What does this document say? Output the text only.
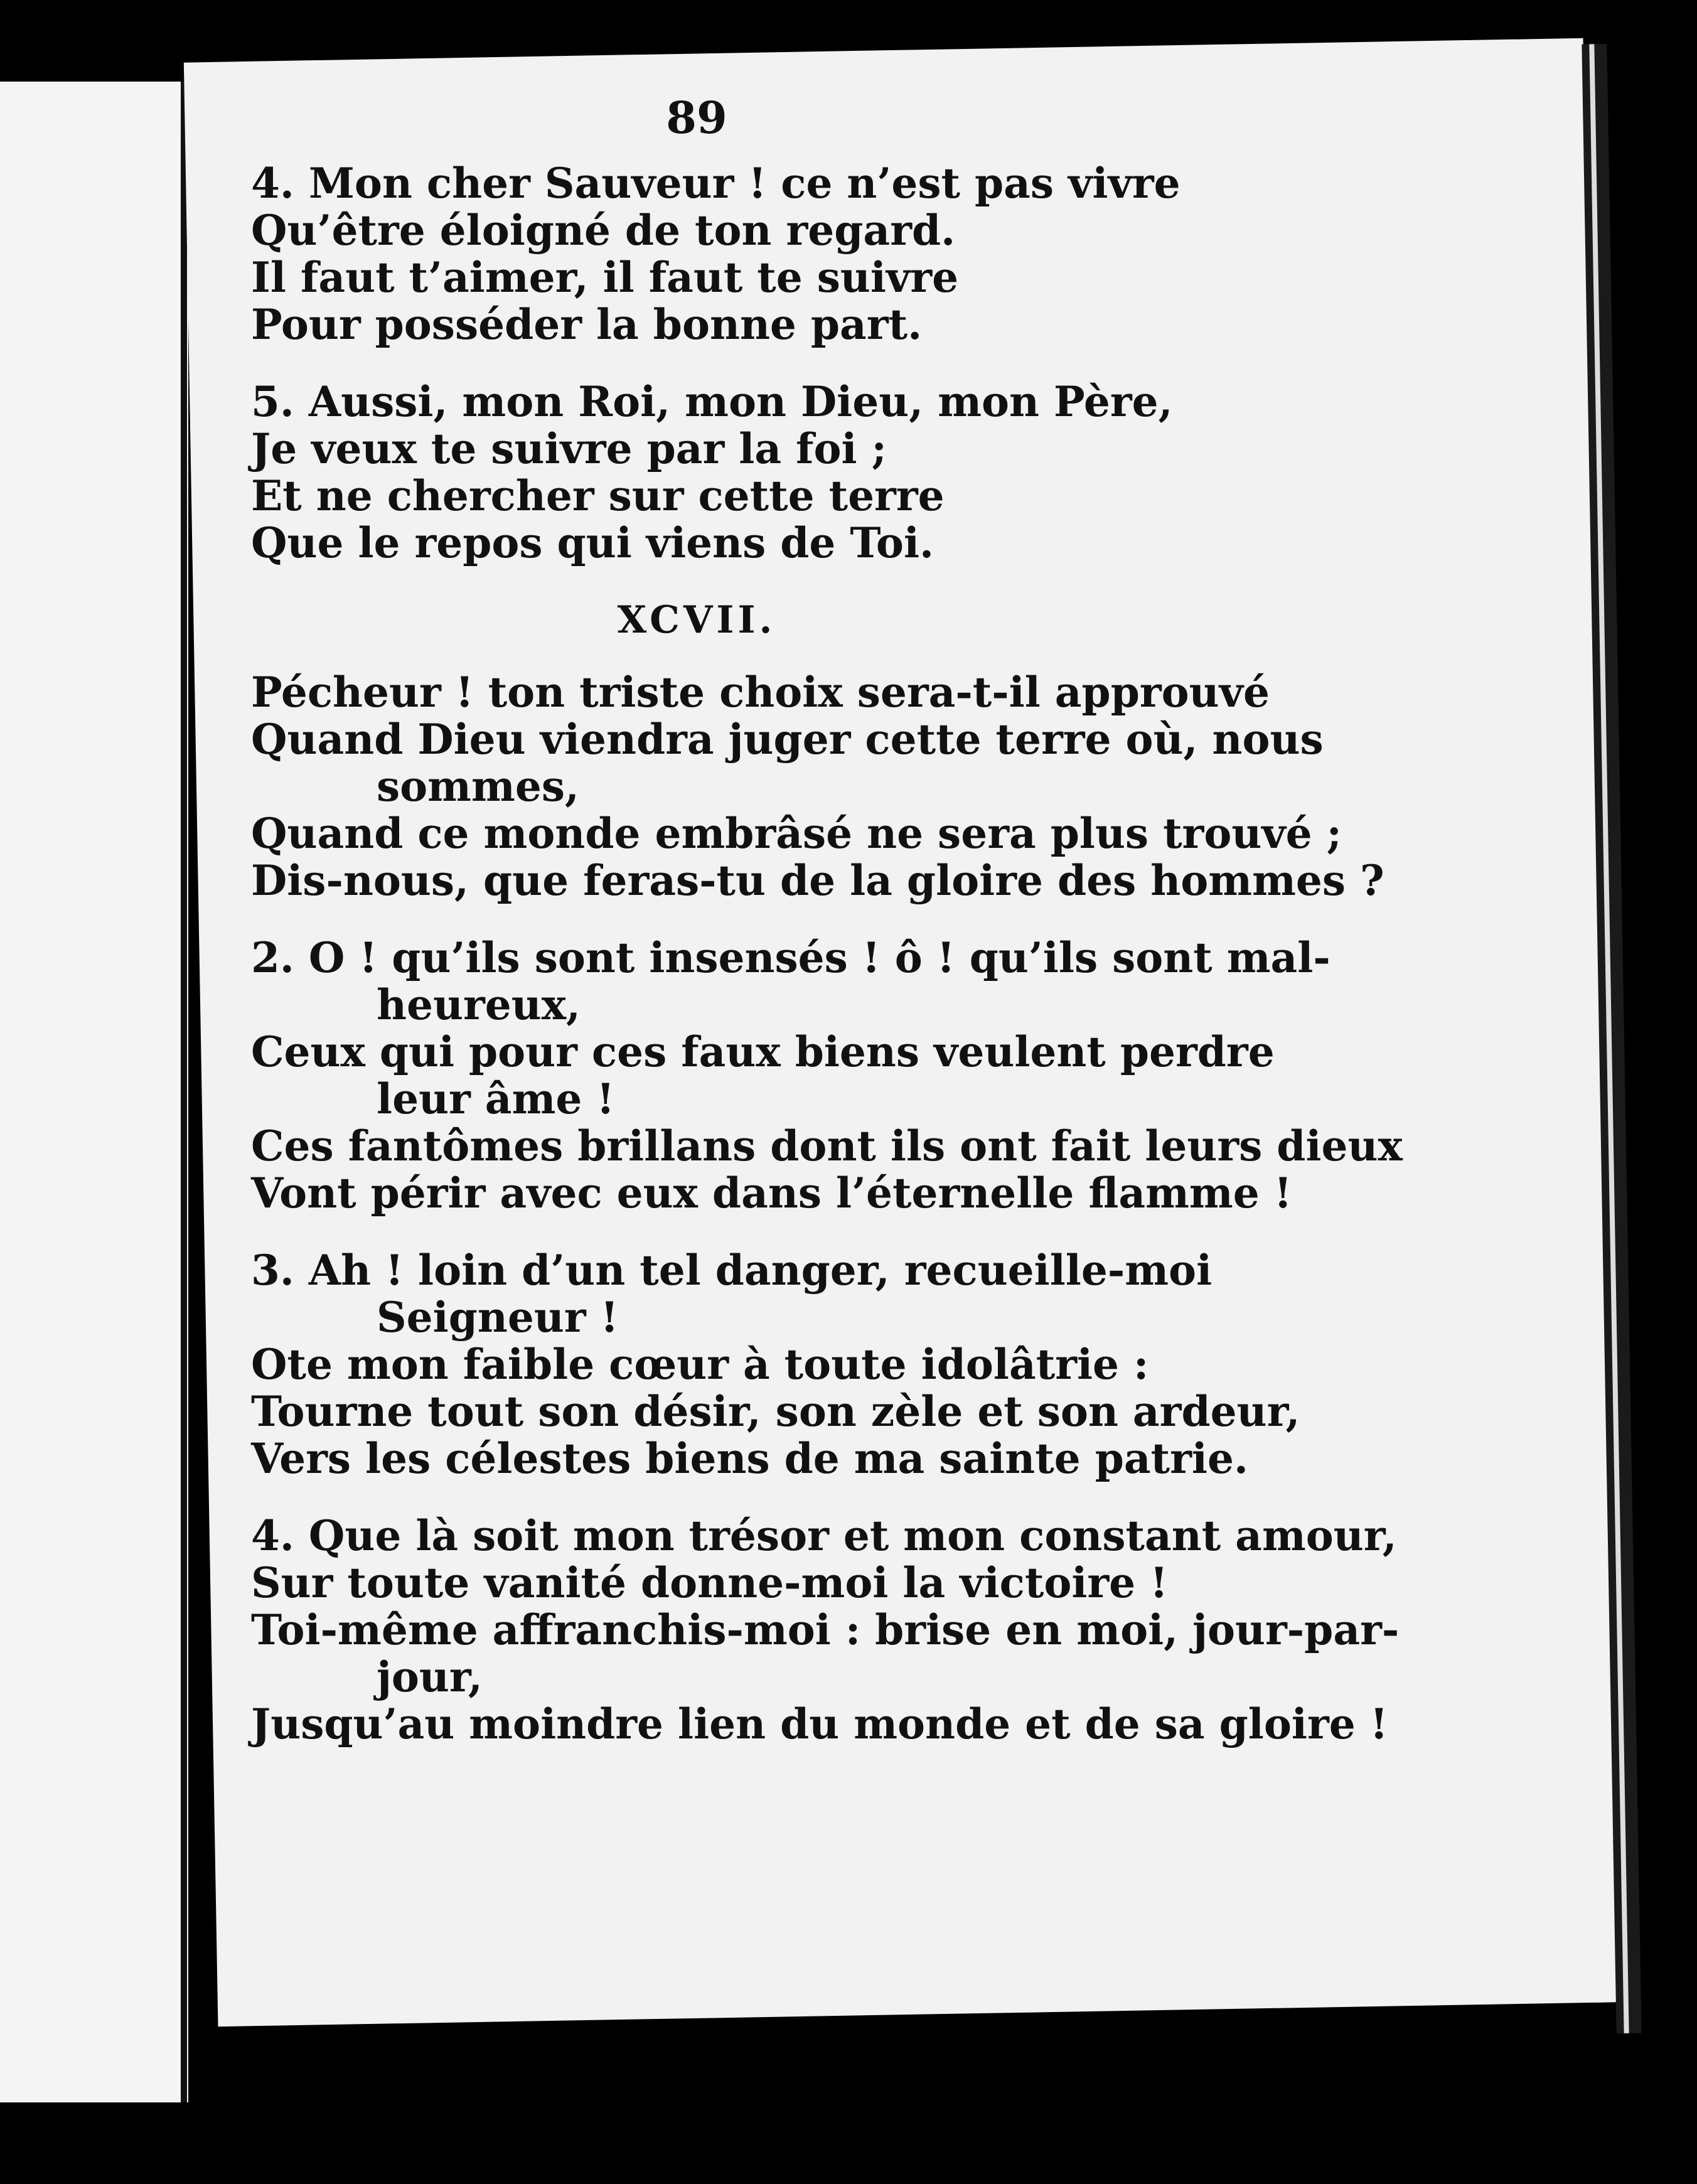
89
4. Mon cher Sauveur ! ce n’est pas vivre
Qu’être éloigné de ton regard.
Il faut t’aimer, il faut te suivre
Pour posséder la bonne part.
5. Aussi, mon Roi, mon Dieu, mon Père,
Je veux te suivre par la foi ;
Et ne chercher sur cette terre
Que le repos qui viens de Toi.
XCVII.
Pécheur ! ton triste choix sera-t-il approuvé
Quand Dieu viendra juger cette terre où, nous
sommes,
Quand ce monde embrâsé ne sera plus trouvé ;
Dis-nous, que feras-tu de la gloire des hommes ?
2. O ! qu’ils sont insensés ! ô ! qu’ils sont mal-
heureux,
Ceux qui pour ces faux biens veulent perdre
leur âme !
Ces fantômes brillans dont ils ont fait leurs dieux
Vont périr avec eux dans l’éternelle flamme !
3. Ah ! loin d’un tel danger, recueille-moi
Seigneur !
Ote mon faible cœur à toute idolâtrie :
Tourne tout son désir, son zèle et son ardeur,
Vers les célestes biens de ma sainte patrie.
4. Que là soit mon trésor et mon constant amour,
Sur toute vanité donne-moi la victoire !
Toi-même affranchis-moi : brise en moi, jour-par-
jour,
Jusqu’au moindre lien du monde et de sa gloire !
